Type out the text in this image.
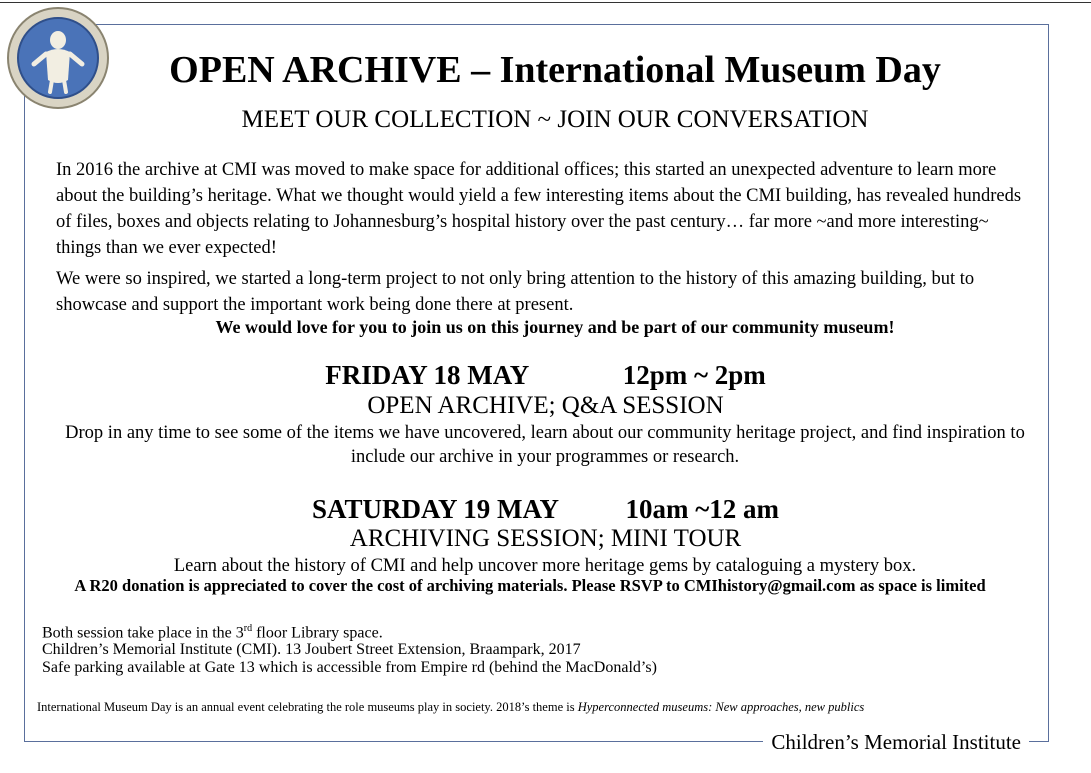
OPEN ARCHIVE – International Museum Day
MEET OUR COLLECTION ~ JOIN OUR CONVERSATION
In 2016 the archive at CMI was moved to make space for additional offices; this started an unexpected adventure to learn more about the building’s heritage. What we thought would yield a few interesting items about the CMI building, has revealed hundreds of files, boxes and objects relating to Johannesburg’s hospital history over the past century… far more ~and more interesting~ things than we ever expected!
We were so inspired, we started a long-term project to not only bring attention to the history of this amazing building, but to showcase and support the important work being done there at present.
We would love for you to join us on this journey and be part of our community museum!
FRIDAY 18 MAY	12pm ~ 2pm
OPEN ARCHIVE; Q&A SESSION
Drop in any time to see some of the items we have uncovered, learn about our community heritage project, and find inspiration to include our archive in your programmes or research.
SATURDAY 19 MAY	10am ~12 am
ARCHIVING SESSION; MINI TOUR
Learn about the history of CMI and help uncover more heritage gems by cataloguing a mystery box.
A R20 donation is appreciated to cover the cost of archiving materials. Please RSVP to CMIhistory@gmail.com as space is limited
Both session take place in the 3rd floor Library space.
Children’s Memorial Institute (CMI). 13 Joubert Street Extension, Braampark, 2017
Safe parking available at Gate 13 which is accessible from Empire rd (behind the MacDonald’s)
International Museum Day is an annual event celebrating the role museums play in society. 2018’s theme is Hyperconnected museums: New approaches, new publics
Children’s Memorial Institute
